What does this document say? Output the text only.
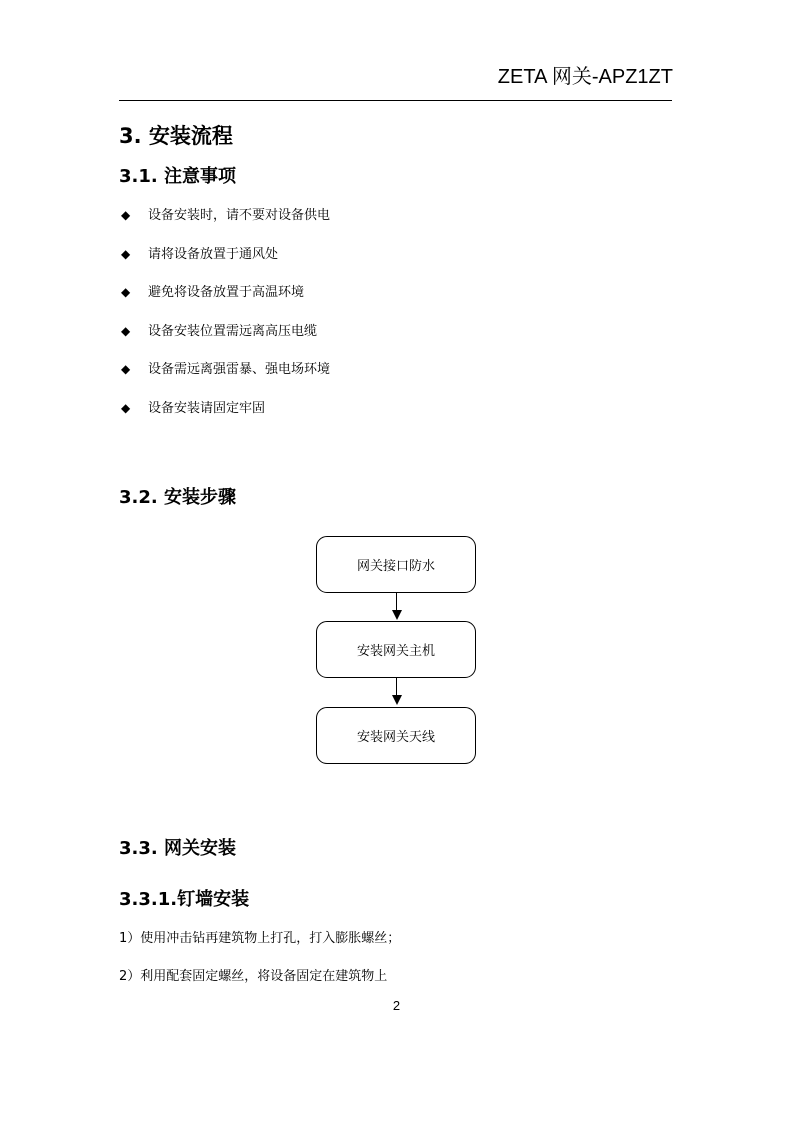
ZETA 网关-APZ1ZT
3. 安装流程
3.1. 注意事项
◆	设备安装时，请不要对设备供电
◆	请将设备放置于通风处
◆	避免将设备放置于高温环境
◆	设备安装位置需远离高压电缆
◆	设备需远离强雷暴、强电场环境
◆	设备安装请固定牢固
3.2. 安装步骤
网关接口防水
安装网关主机
安装网关天线
3.3. 网关安装
3.3.1.钉墙安装
1）使用冲击钻再建筑物上打孔，打入膨胀螺丝；
2）利用配套固定螺丝，将设备固定在建筑物上
2
